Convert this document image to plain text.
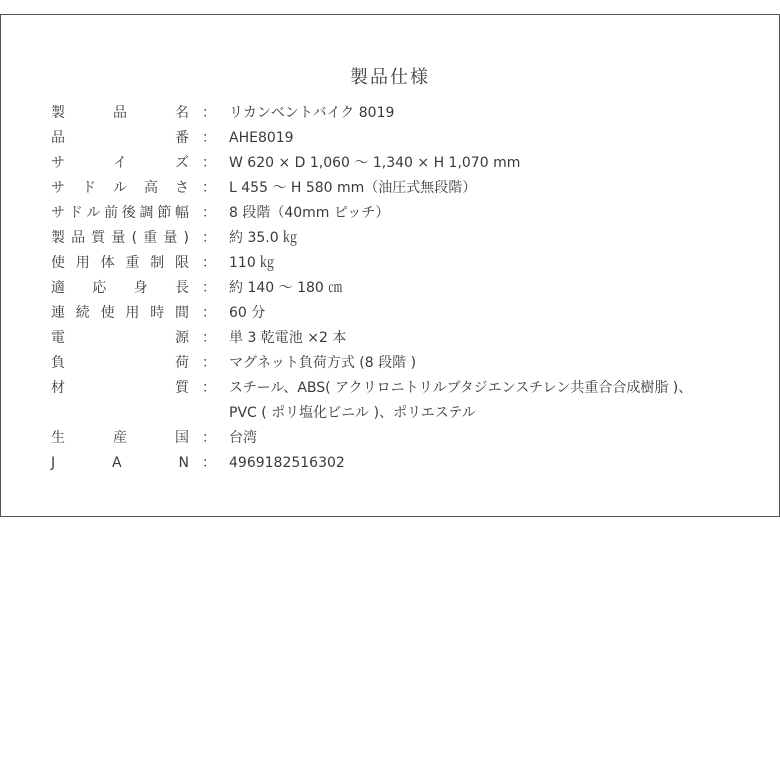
製品仕様
製	品	名 ： リカンベントバイク 8019
品	番 ： AHE8019
サ	イ	ズ ： W 620 × D 1,060 ～ 1,340 × H 1,070 mm
サ ド ル 高 さ ： L 455 ～ H 580 mm（油圧式無段階）
サ ド ル 前 後 調 節 幅 ： 8 段階（40mm ピッチ）
製 品 質 量 ( 重 量 ) ： 約 35.0 ㎏
使 用 体 重 制 限 ： 110 ㎏
適 応 身 長 ： 約 140 ～ 180 ㎝
連 続 使 用 時 間 ： 60 分
電	源 ： 単 3 乾電池 ×2 本
負	荷 ： マグネット負荷方式 (8 段階 )
材	質 ： スチール、ABS( アクリロニトリルブタジエンスチレン共重合合成樹脂 )、
PVC ( ポリ塩化ビニル )、ポリエステル
生	産	国 ： 台湾
J	A	N ： 4969182516302
